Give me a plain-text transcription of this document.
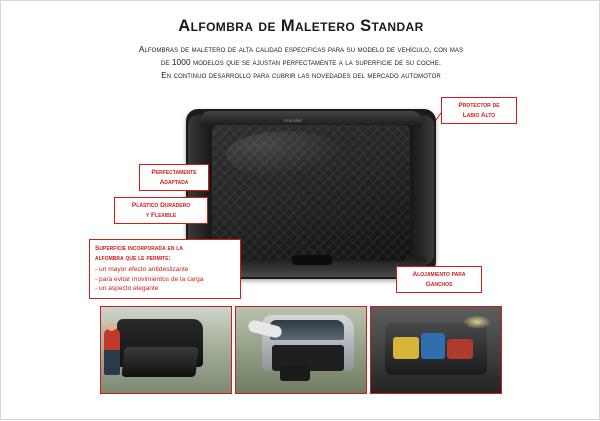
Alfombra de Maletero Standar
Alfombras de maletero de alta calidad especificas para su modelo de vehículo, con mas
de 1000 modelos que se ajustan perfectamente a la superficie de su coche.
En continuo desarrollo para cubrir las novedades del mercado automotor
standar
Perfectamente
Adaptada
Plástico Duradero
y Flexible
Protector de
Labio Alto
Alojamiento para
Ganchos
Superficie incorporada en la
alfombra que le permite:
- un mayor efecto antideslizante
- para evitar movimientos de la carga
- un aspecto elegante
